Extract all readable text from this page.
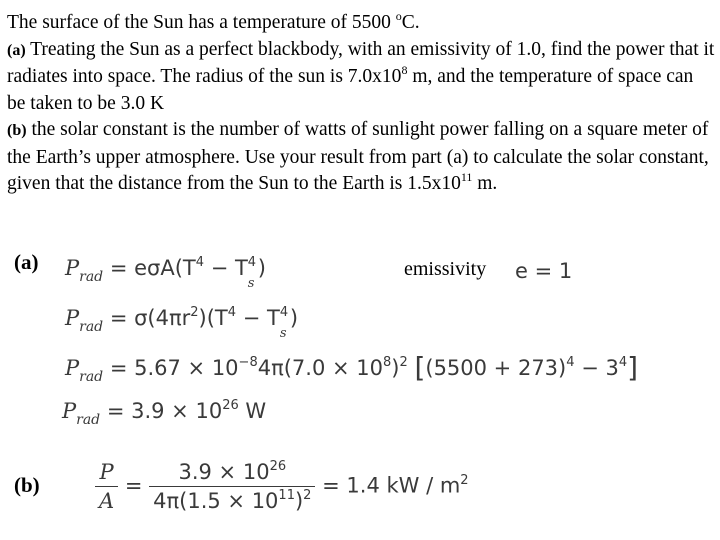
The surface of the Sun has a temperature of 5500 $^o$C.

(a) Treating the Sun as a perfect blackbody, with an emissivity of 1.0, find the power that it radiates into space. The radius of the sun is $7.0x10^8$ m, and the temperature of space can be taken to be 3.0 K

(b) the solar constant is the number of watts of sunlight power falling on a square meter of the Earth’s upper atmosphere. Use your result from part (a) to calculate the solar constant, given that the distance from the Sun to the Earth is $1.5x10^{11}$ m.

(a)
(b)
$P_{rad} = e\sigma A(T^4 - T$ 4
s
)	emissivity e = 1
$P_{rad} = \sigma(4\pi r^2)(T^4 - T$ 4
s
)
$P_{rad} = 5.67 \times 10^{-8}4\pi(7.0 \times 10^8)^2$ $[(5500 + 273)^4 - 3^4]$
$P_{rad} = 3.9 \times 10^{26}$ W
$\frac{P}{A} = \frac{3.9 \times 10^{26}}{4\pi(1.5 \times 10^{11})^2} = 1.4$ kW / $m^2$
